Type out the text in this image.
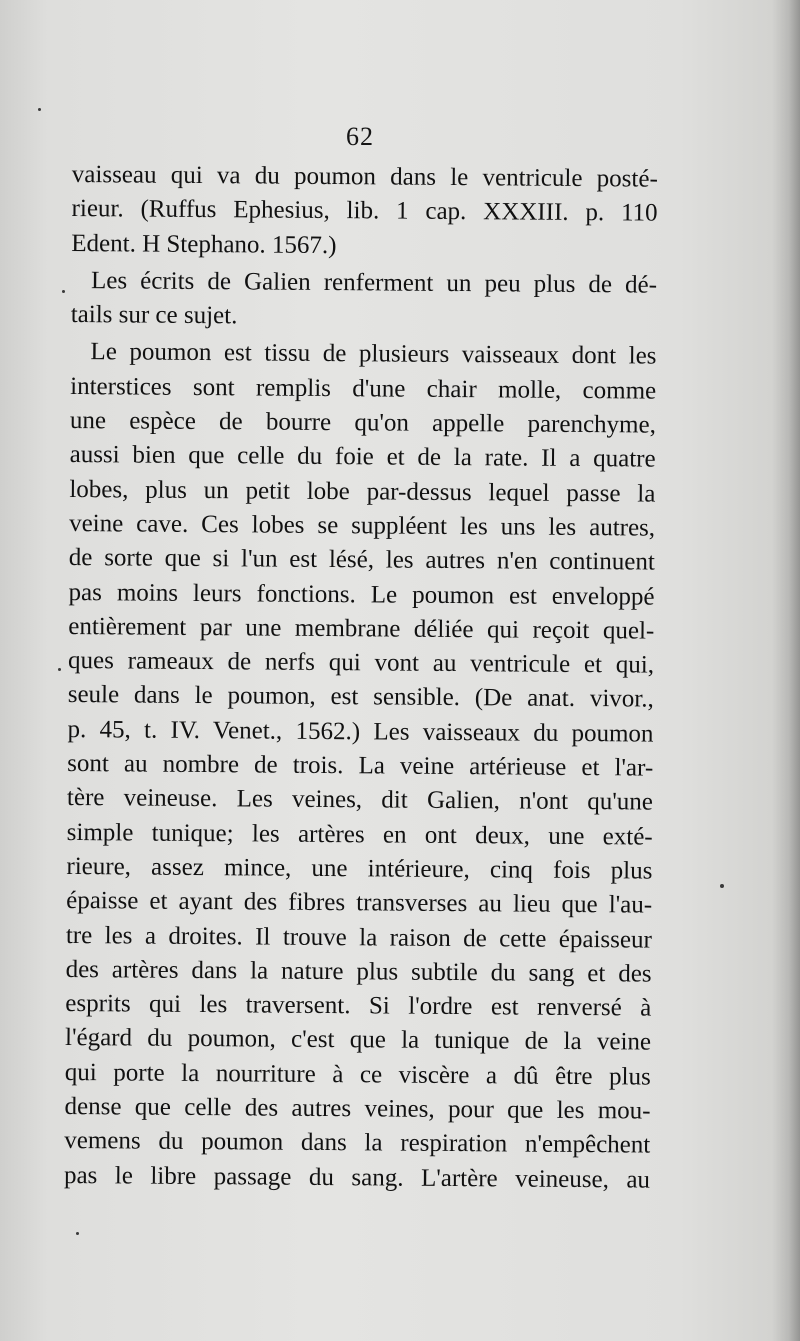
62
vaisseau qui va du poumon dans le ventricule posté-
rieur. (Ruffus Ephesius, lib. 1 cap. XXXIII. p. 110
Edent. H Stephano. 1567.)
Les écrits de Galien renferment un peu plus de dé-
tails sur ce sujet.
Le poumon est tissu de plusieurs vaisseaux dont les
interstices sont remplis d'une chair molle, comme
une espèce de bourre qu'on appelle parenchyme,
aussi bien que celle du foie et de la rate. Il a quatre
lobes, plus un petit lobe par-dessus lequel passe la
veine cave. Ces lobes se suppléent les uns les autres,
de sorte que si l'un est lésé, les autres n'en continuent
pas moins leurs fonctions. Le poumon est enveloppé
entièrement par une membrane déliée qui reçoit quel-
ques rameaux de nerfs qui vont au ventricule et qui,
seule dans le poumon, est sensible. (De anat. vivor.,
p. 45, t. IV. Venet., 1562.) Les vaisseaux du poumon
sont au nombre de trois. La veine artérieuse et l'ar-
tère veineuse. Les veines, dit Galien, n'ont qu'une
simple tunique; les artères en ont deux, une exté-
rieure, assez mince, une intérieure, cinq fois plus
épaisse et ayant des fibres transverses au lieu que l'au-
tre les a droites. Il trouve la raison de cette épaisseur
des artères dans la nature plus subtile du sang et des
esprits qui les traversent. Si l'ordre est renversé à
l'égard du poumon, c'est que la tunique de la veine
qui porte la nourriture à ce viscère a dû être plus
dense que celle des autres veines, pour que les mou-
vemens du poumon dans la respiration n'empêchent
pas le libre passage du sang. L'artère veineuse, au
